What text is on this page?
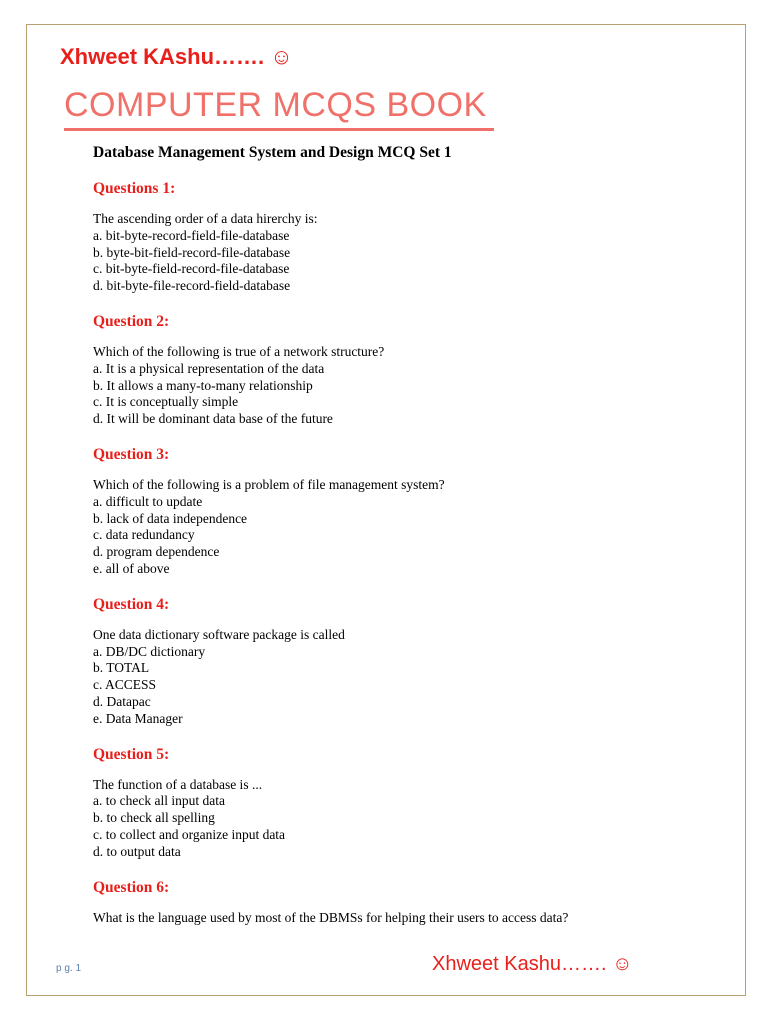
Xhweet KAshu……. ☺
COMPUTER MCQS BOOK
Database Management System and Design MCQ Set 1
Questions 1:
The ascending order of a data hirerchy is:
a. bit-byte-record-field-file-database
b. byte-bit-field-record-file-database
c. bit-byte-field-record-file-database
d. bit-byte-file-record-field-database
Question 2:
Which of the following is true of a network structure?
a. It is a physical representation of the data
b. It allows a many-to-many relationship
c. It is conceptually simple
d. It will be dominant data base of the future
Question 3:
Which of the following is a problem of file management system?
a. difficult to update
b. lack of data independence
c. data redundancy
d. program dependence
e. all of above
Question 4:
One data dictionary software package is called
a. DB/DC dictionary
b. TOTAL
c. ACCESS
d. Datapac
e. Data Manager
Question 5:
The function of a database is ...
a. to check all input data
b. to check all spelling
c. to collect and organize input data
d. to output data
Question 6:
What is the language used by most of the DBMSs for helping their users to access data?
p g. 1	Xhweet Kashu……. ☺
